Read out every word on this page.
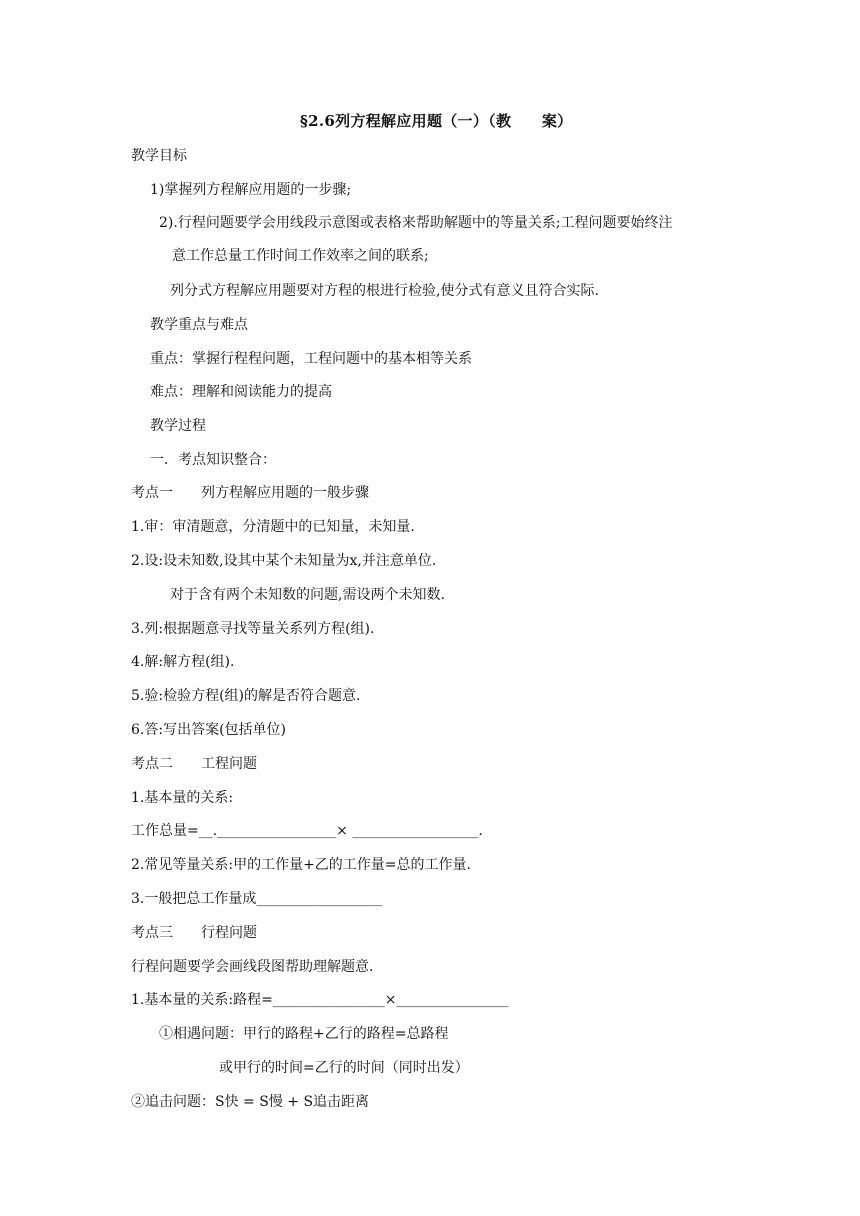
§2.6列方程解应用题（一）（教　　案）
教学目标
1)掌握列方程解应用题的一步骤;
2).行程问题要学会用线段示意图或表格来帮助解题中的等量关系;工程问题要始终注
意工作总量工作时间工作效率之间的联系;
列分式方程解应用题要对方程的根进行检验,使分式有意义且符合实际.
教学重点与难点
重点：掌握行程程问题，工程问题中的基本相等关系
难点：理解和阅读能力的提高
教学过程
一．考点知识整合：
考点一　　列方程解应用题的一般步骤
1.审：审清题意，分清题中的已知量，未知量.
2.设:设未知数,设其中某个未知量为x,并注意单位.
对于含有两个未知数的问题,需设两个未知数.
3.列:根据题意寻找等量关系列方程(组).
4.解:解方程(组).
5.验:检验方程(组)的解是否符合题意.
6.答:写出答案(包括单位)
考点二　　工程问题
1.基本量的关系:
工作总量=__._________________× __________________.
2.常见等量关系:甲的工作量+乙的工作量=总的工作量.
3.一般把总工作量成__________________
考点三　　行程问题
行程问题要学会画线段图帮助理解题意.
1.基本量的关系:路程=________________×________________
①相遇问题：甲行的路程+乙行的路程=总路程
或甲行的时间=乙行的时间（同时出发）
②追击问题：S快 = S慢 + S追击距离
